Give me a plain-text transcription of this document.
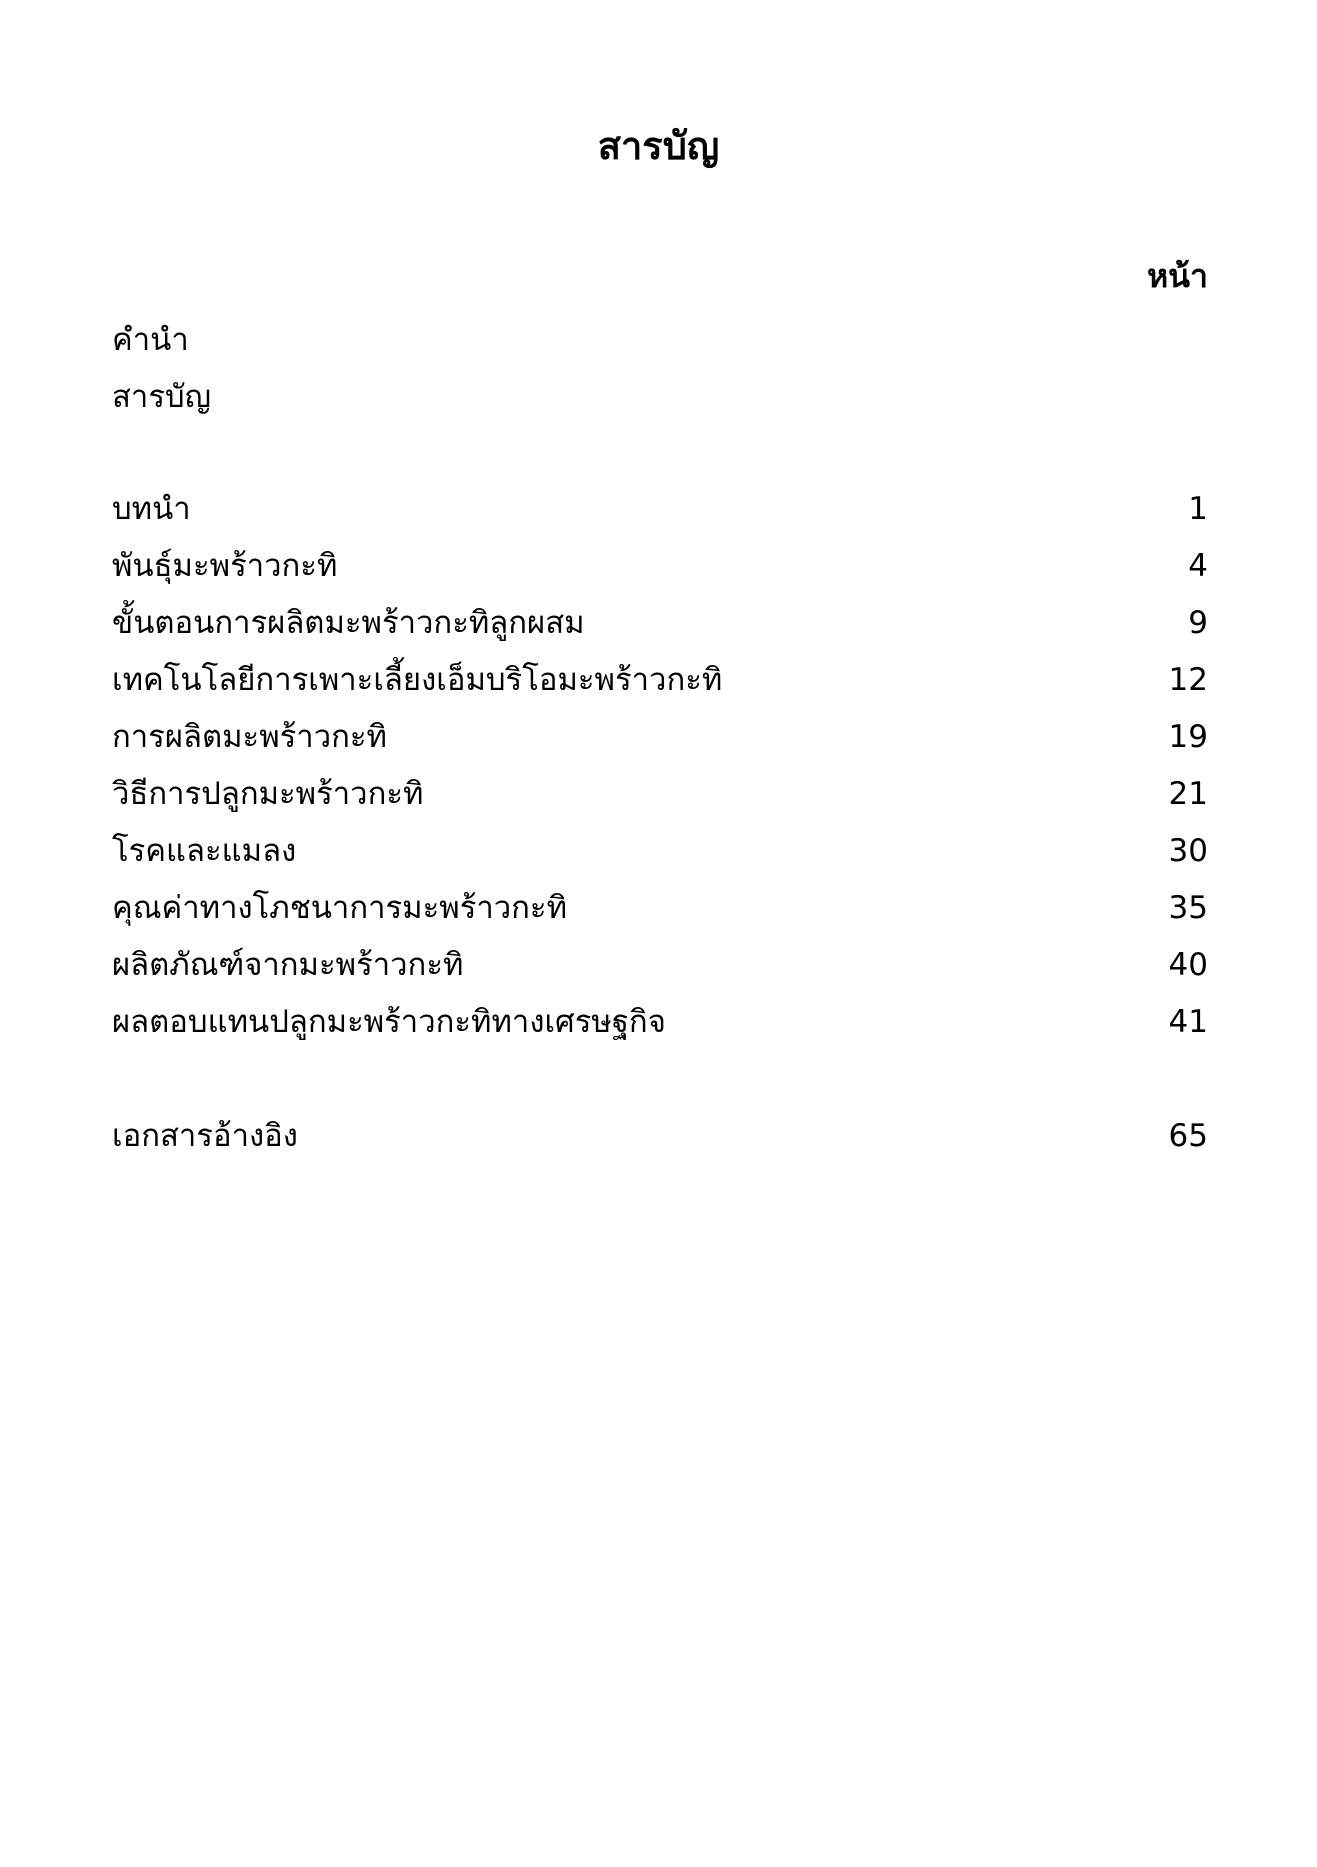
สารบัญ
หน้า
คำนำ
สารบัญ
บทนำ	1
พันธุ์มะพร้าวกะทิ	4
ขั้นตอนการผลิตมะพร้าวกะทิลูกผสม	9
เทคโนโลยีการเพาะเลี้ยงเอ็มบริโอมะพร้าวกะทิ	12
การผลิตมะพร้าวกะทิ	19
วิธีการปลูกมะพร้าวกะทิ	21
โรคและแมลง	30
คุณค่าทางโภชนาการมะพร้าวกะทิ	35
ผลิตภัณฑ์จากมะพร้าวกะทิ	40
ผลตอบแทนปลูกมะพร้าวกะทิทางเศรษฐกิจ	41
เอกสารอ้างอิง	65
